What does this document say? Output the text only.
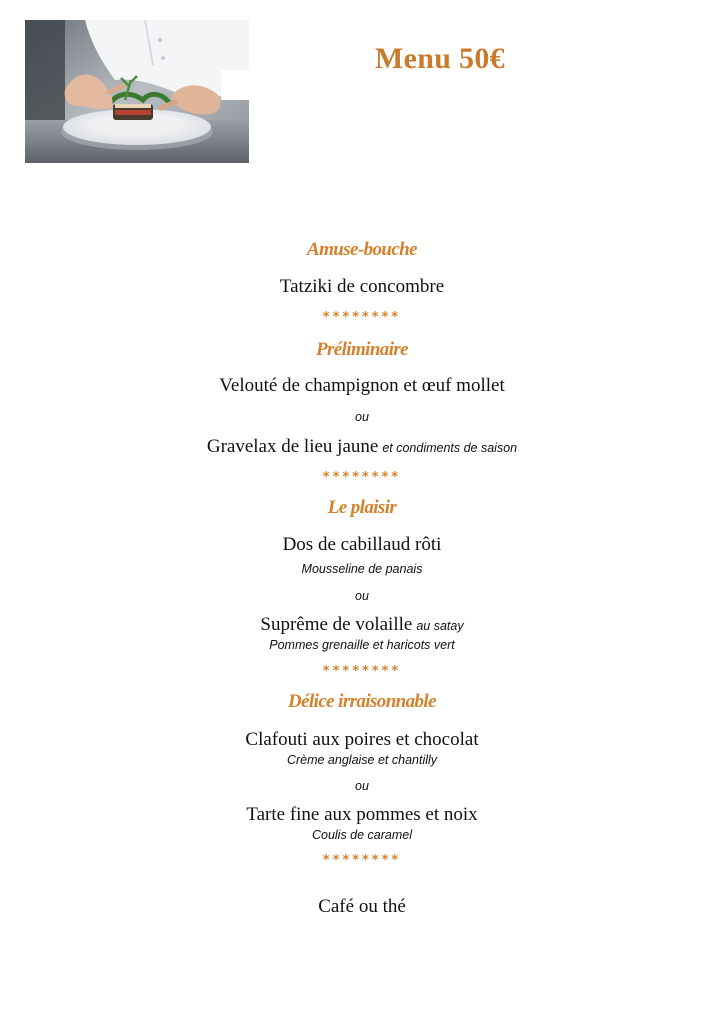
Menu 50€
Amuse-bouche
Tatziki de concombre
********
Préliminaire
Velouté de champignon et œuf mollet
ou
Gravelax de lieu jaune et condiments de saison
********
Le plaisir
Dos de cabillaud rôti
Mousseline de panais
ou
Suprême de volaille au satay
Pommes grenaille et haricots vert
********
Délice irraisonnable
Clafouti aux poires et chocolat
Crème anglaise et chantilly
ou
Tarte fine aux pommes et noix
Coulis de caramel
********
Café ou thé
